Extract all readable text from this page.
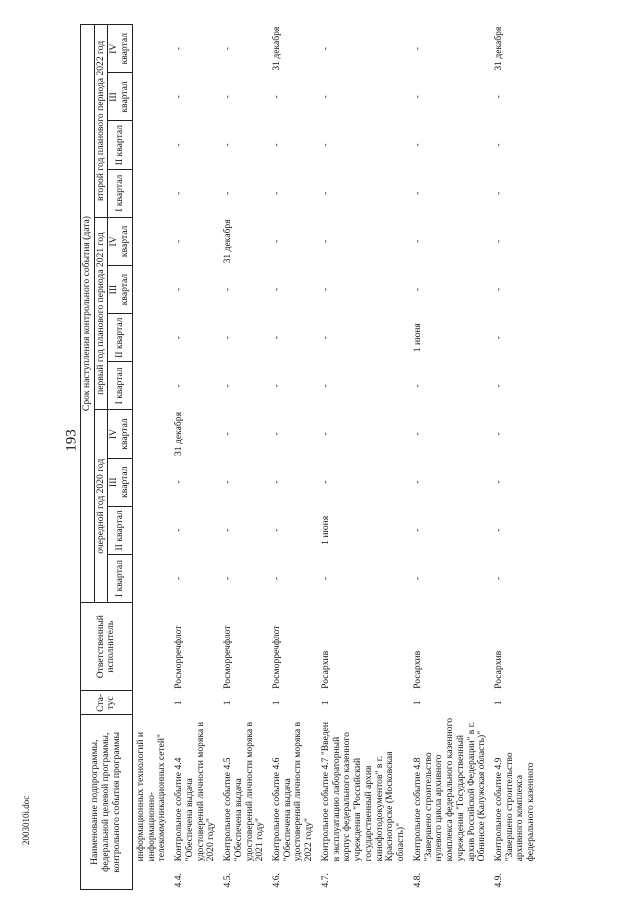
193
2003010i.doc	Наименование подпрограммы, федеральной целевой программы, контрольного события программы		Ста-тус	Ответственный исполнитель	Срок наступления контрольного события (дата)											
				очередной год 2020 год				первый год планового периода 2021 год				второй год планового периода 2022 год			
				I квартал	II квартал	III квартал	IV квартал	I квартал	II квартал	III квартал	IV квартал	I квартал	II квартал	III квартал	IV квартал

	информационных технологий и информационно-телекоммуникационных сетей"														
4.4.	Контрольное событие 4.4 "Обеспечена выдача удостоверений личности моряка в 2020 году"	1	Росморречфлот	-	-	-	31 декабря	-	-	-	-	-	-	-	-
4.5.	Контрольное событие 4.5 "Обеспечена выдача удостоверений личности моряка в 2021 году"	1	Росморречфлот	-	-	-	-	-	-	-	31 декабря	-	-	-	-
4.6.	Контрольное событие 4.6 "Обеспечена выдача удостоверений личности моряка в 2022 году"	1	Росморречфлот	-	-	-	-	-	-	-	-	-	-	-	31 декабря
4.7.	Контрольное событие 4.7 "Введен в эксплуатацию лабораторный корпус федерального казенного учреждения "Российский государственный архив кинофотодокументов" в г. Красногорске (Московская область)"	1	Росархив	-	1 июня	-	-	-	-	-	-	-	-	-	-
4.8.	Контрольное событие 4.8 "Завершено строительство нулевого цикла архивного комплекса федерального казенного учреждения "Государственный архив Российской Федерации" в г. Обнинске (Калужская область)"	1	Росархив	-	-	-	-	-	1 июня	-	-	-	-	-	-
4.9.	Контрольное событие 4.9 "Завершено строительство архивного комплекса федерального казенного	1	Росархив	-	-	-	-	-	-	-	-	-	-	-	31 декабря
